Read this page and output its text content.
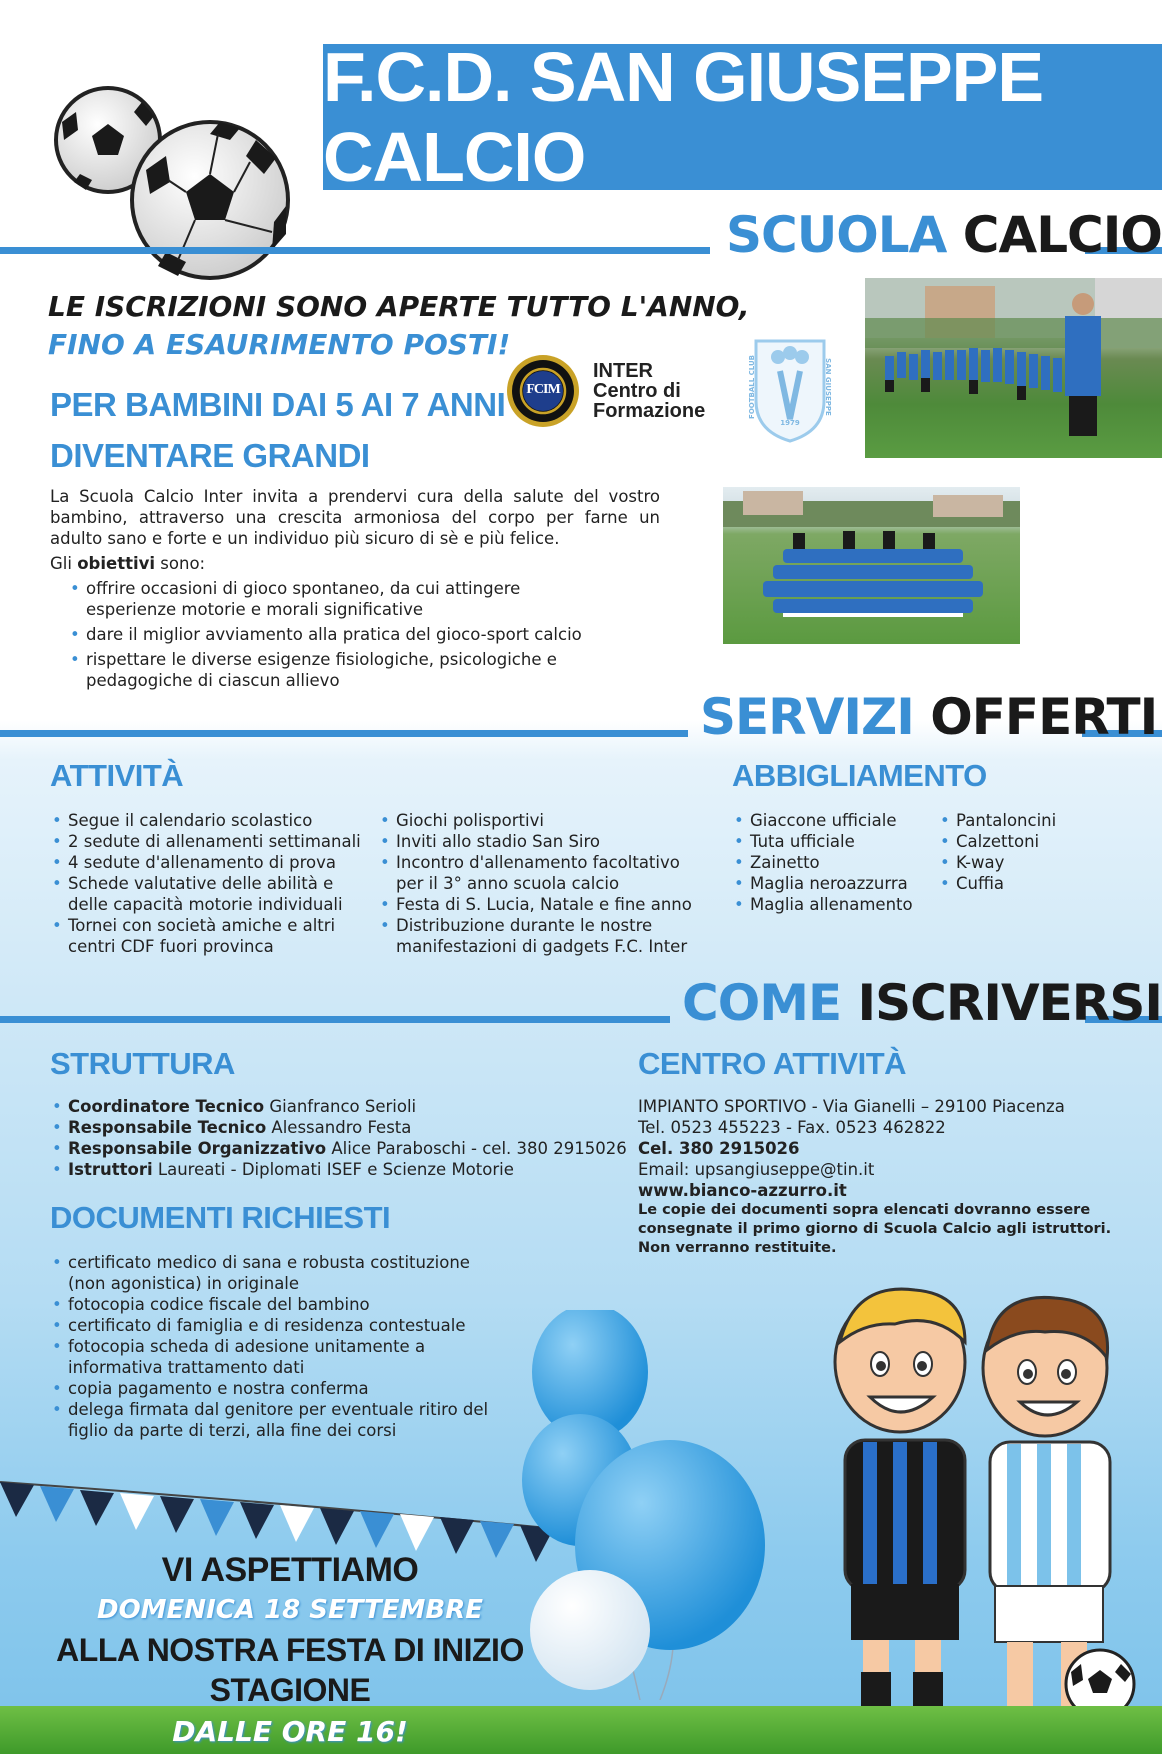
F.C.D. SAN GIUSEPPE CALCIO
SCUOLA CALCIO
LE ISCRIZIONI SONO APERTE TUTTO L'ANNO,
FINO A ESAURIMENTO POSTI!
PER BAMBINI DAI 5 AI 7 ANNI
DIVENTARE GRANDI
La Scuola Calcio Inter invita a prendervi cura della salute del vostro bambino, attraverso una crescita armoniosa del corpo per farne un adulto sano e forte e un individuo più sicuro di sè e più felice.
Gli obiettivi sono:
• offrire occasioni di gioco spontaneo, da cui attingere esperienze motorie e morali significative
• dare il miglior avviamento alla pratica del gioco-sport calcio
• rispettare le diverse esigenze fisiologiche, psicologiche e pedagogiche di ciascun allievo
FCIM
INTER
Centro di
Formazione	FOOTBALL CLUB	SAN GIUSEPPE
1979
SERVIZI OFFERTI
ATTIVITÀ
• Segue il calendario scolastico
• 2 sedute di allenamenti settimanali
• 4 sedute d'allenamento di prova
• Schede valutative delle abilità e delle capacità motorie individuali
• Tornei con società amiche e altri centri CDF fuori provinca
• Giochi polisportivi
• Inviti allo stadio San Siro
• Incontro d'allenamento facoltativo per il 3° anno scuola calcio
• Festa di S. Lucia, Natale e fine anno
• Distribuzione durante le nostre manifestazioni di gadgets F.C. Inter
ABBIGLIAMENTO
• Giaccone ufficiale
• Tuta ufficiale
• Zainetto
• Maglia neroazzurra
• Maglia allenamento
• Pantaloncini
• Calzettoni
• K-way
• Cuffia
COME ISCRIVERSI
STRUTTURA
• Coordinatore Tecnico Gianfranco Serioli
• Responsabile Tecnico Alessandro Festa
• Responsabile Organizzativo Alice Paraboschi - cel. 380 2915026
• Istruttori Laureati - Diplomati ISEF e Scienze Motorie
DOCUMENTI RICHIESTI
• certificato medico di sana e robusta costituzione (non agonistica) in originale
• fotocopia codice fiscale del bambino
• certificato di famiglia e di residenza contestuale
• fotocopia scheda di adesione unitamente a informativa trattamento dati
• copia pagamento e nostra conferma
• delega firmata dal genitore per eventuale ritiro del figlio da parte di terzi, alla fine dei corsi
CENTRO ATTIVITÀ
IMPIANTO SPORTIVO - Via Gianelli – 29100 Piacenza
Tel. 0523 455223 - Fax. 0523 462822
Cel. 380 2915026
Email: upsangiuseppe@tin.it
www.bianco-azzurro.it
Le copie dei documenti sopra elencati dovranno essere consegnate il primo giorno di Scuola Calcio agli istruttori. Non verranno restituite.
VI ASPETTIAMO
DOMENICA 18 SETTEMBRE
ALLA NOSTRA FESTA DI INIZIO STAGIONE
DALLE ORE 16!
